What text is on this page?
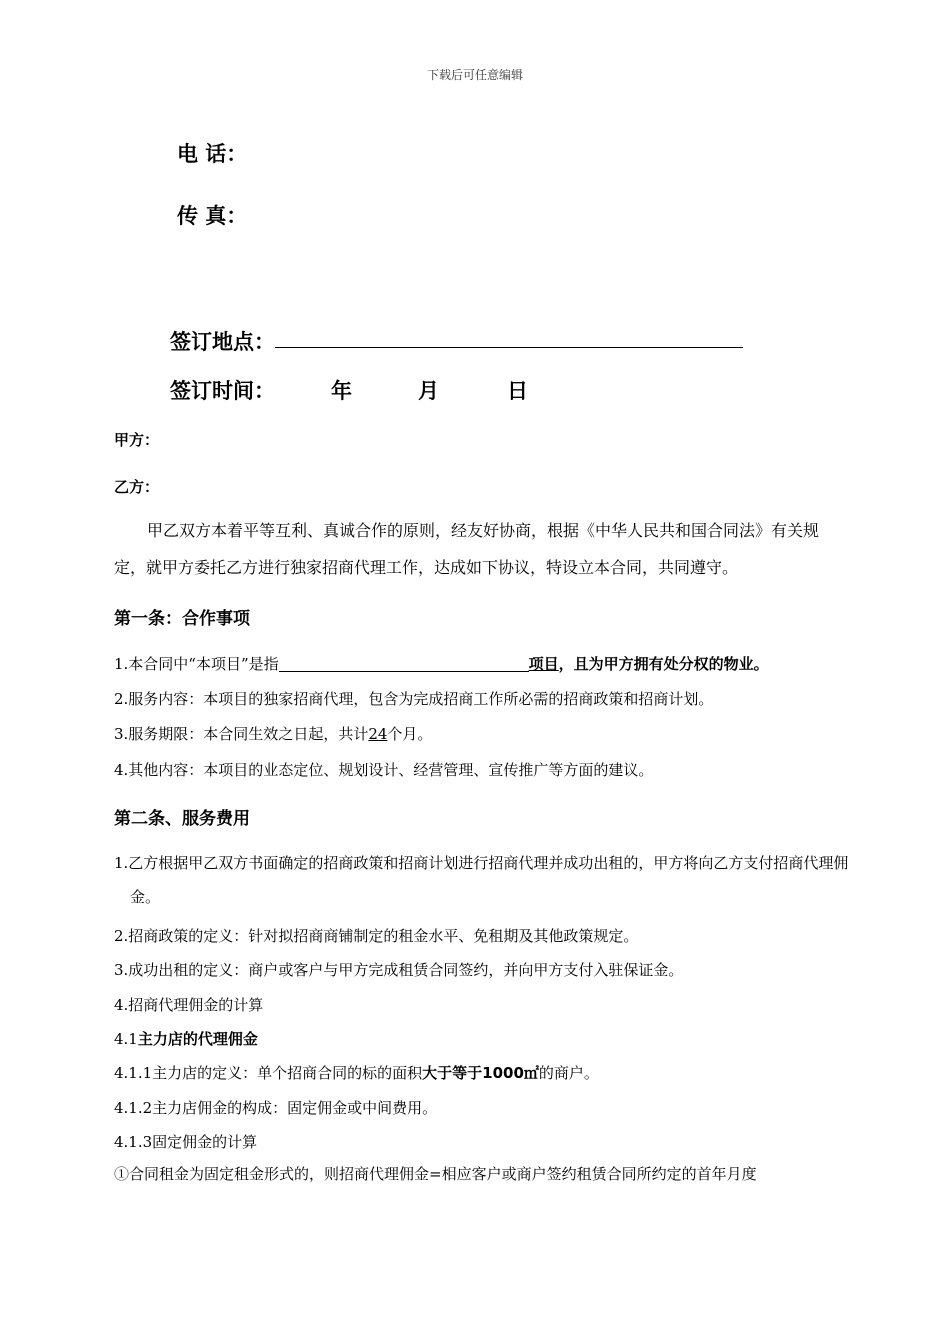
下载后可任意编辑
电 话：
传 真：
签订地点：
签订时间：	年	月	日
甲方：
乙方：
甲乙双方本着平等互利、真诚合作的原则，经友好协商，根据《中华人民共和国合同法》有关规定，就甲方委托乙方进行独家招商代理工作，达成如下协议，特设立本合同，共同遵守。
第一条：合作事项
1.本合同中“本项目”是指	项目，且为甲方拥有处分权的物业。
2.服务内容：本项目的独家招商代理，包含为完成招商工作所必需的招商政策和招商计划。
3.服务期限：本合同生效之日起，共计24个月。
4.其他内容：本项目的业态定位、规划设计、经营管理、宣传推广等方面的建议。
第二条、服务费用
1.乙方根据甲乙双方书面确定的招商政策和招商计划进行招商代理并成功出租的，甲方将向乙方支付招商代理佣金。
2.招商政策的定义：针对拟招商商铺制定的租金水平、免租期及其他政策规定。
3.成功出租的定义：商户或客户与甲方完成租赁合同签约，并向甲方支付入驻保证金。
4.招商代理佣金的计算
4.1主力店的代理佣金
4.1.1主力店的定义：单个招商合同的标的面积大于等于1000㎡的商户。
4.1.2主力店佣金的构成：固定佣金或中间费用。
4.1.3固定佣金的计算
①合同租金为固定租金形式的，则招商代理佣金=相应客户或商户签约租赁合同所约定的首年月度
